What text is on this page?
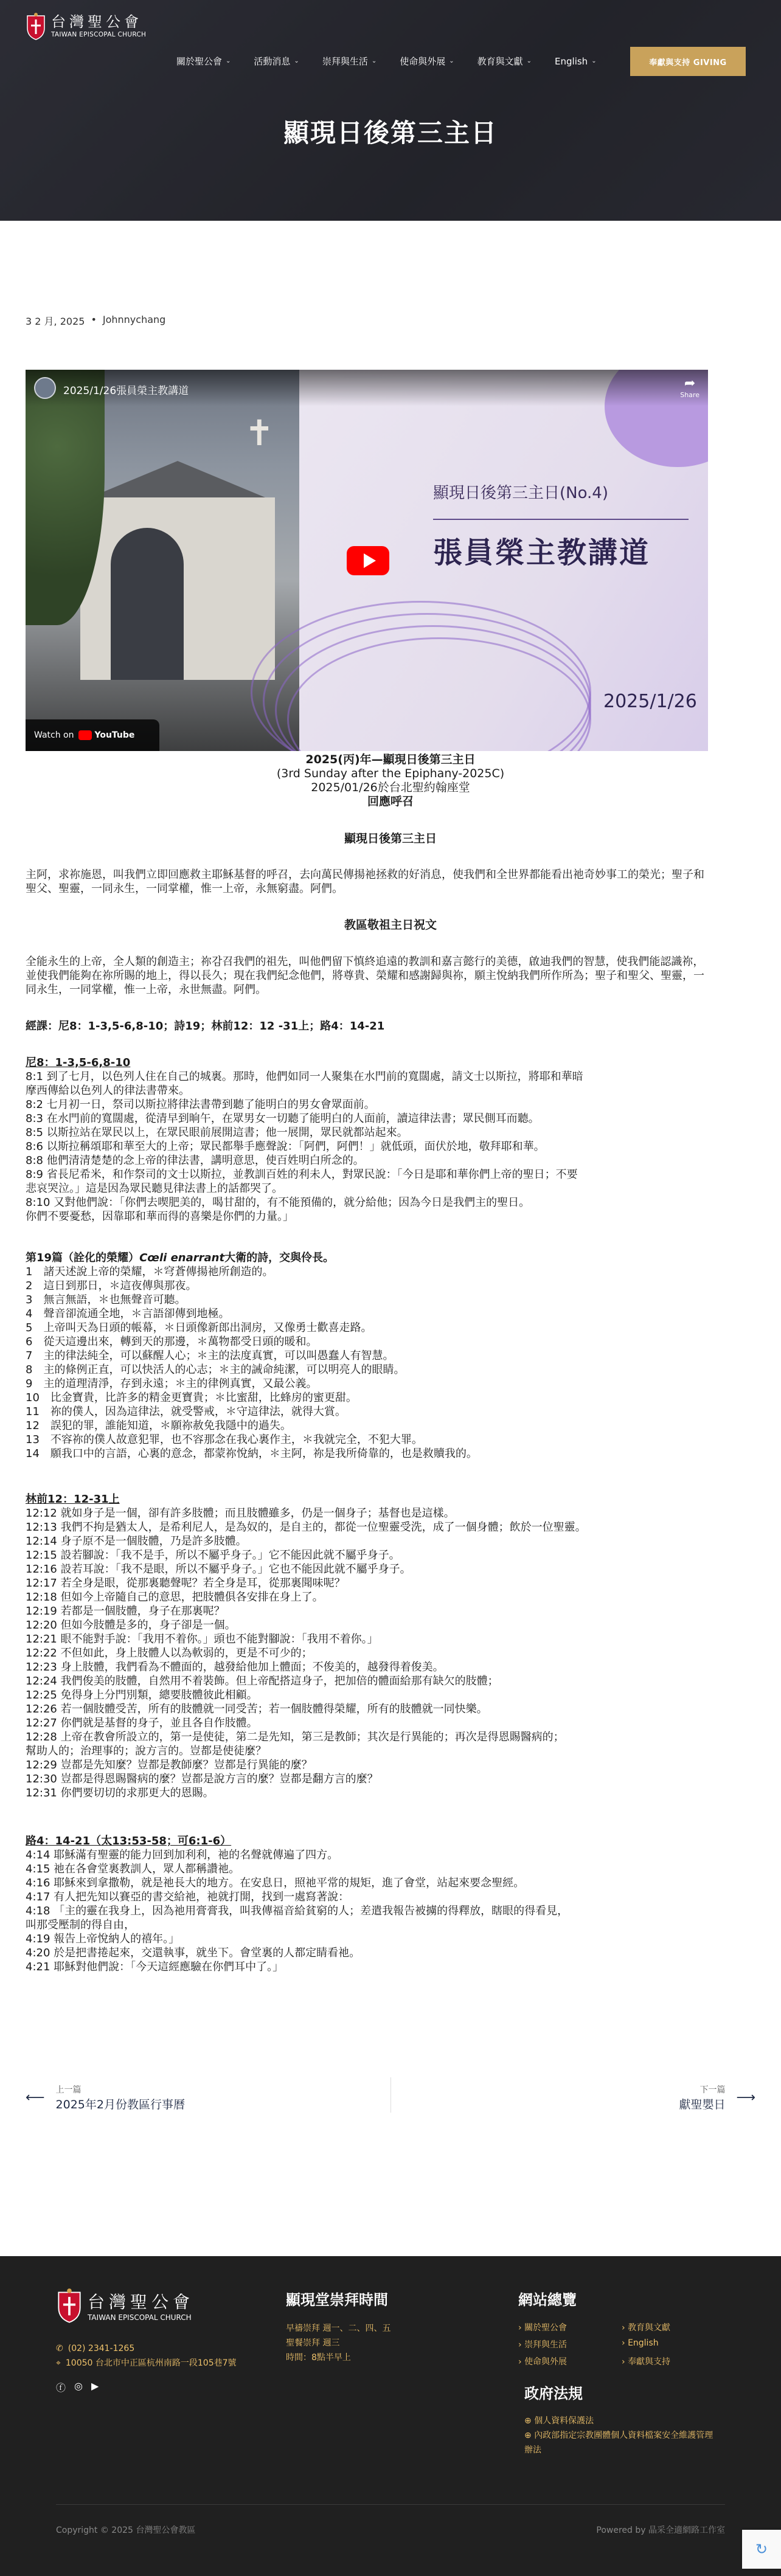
台灣聖公會
TAIWAN EPISCOPAL CHURCH
關於聖公會 ⌄	活動消息 ⌄	崇拜與生活 ⌄	使命與外展 ⌄	教育與文獻 ⌄	English ⌄	奉獻與支持 GIVING
顯現日後第三主日
3 2 月, 2025 • Johnnychang
✝
顯現日後第三主日(No.4)
張員榮主教講道
2025/1/26
2025/1/26張員榮主教講道	➦
Share
Watch on YouTube
2025(丙)年—顯現日後第三主日
(3rd Sunday after the Epiphany-2025C)
2025/01/26於台北聖約翰座堂
回應呼召
顯現日後第三主日
主阿，求祢施恩，叫我們立即回應救主耶穌基督的呼召，去向萬民傳揚祂拯救的好消息，使我們和全世界都能看出祂奇妙事工的榮光；聖子和聖父、聖靈，一同永生，一同掌權，惟一上帝，永無窮盡。阿們。
教區敬祖主日祝文
全能永生的上帝，全人類的創造主；祢감召我們的祖先，叫他們留下慎終追遠的教訓和嘉言懿行的美德，啟迪我們的智慧，使我們能認識祢，並使我們能夠在祢所賜的地上，得以長久；現在我們紀念他們，將尊貴、榮耀和感謝歸與祢，願主悅納我們所作所為；聖子和聖父、聖靈，一同永生，一同掌權，惟一上帝，永世無盡。阿們。
經課：尼8：1-3,5-6,8-10；詩19；林前12：12 -31上；路4：14-21
尼8：1-3,5-6,8-10
8:1 到了七月，以色列人住在自己的城裏。那時，他們如同一人聚集在水門前的寬闊處，請文士以斯拉，將耶和華暗
摩西傳給以色列人的律法書帶來。
8:2 七月初一日，祭司以斯拉將律法書帶到聽了能明白的男女會眾面前。
8:3 在水門前的寬闊處，從清早到晌午，在眾男女一切聽了能明白的人面前，讀這律法書；眾民側耳而聽。
8:5 以斯拉站在眾民以上，在眾民眼前展開這書；他一展開，眾民就都站起來。
8:6 以斯拉稱頌耶和華至大的上帝；眾民都舉手應聲說：「阿們，阿們！」就低頭，面伏於地，敬拜耶和華。
8:8 他們清清楚楚的念上帝的律法書，講明意思，使百姓明白所念的。
8:9 省長尼希米，和作祭司的文士以斯拉，並教訓百姓的利未人，對眾民說：「今日是耶和華你們上帝的聖日；不要
悲哀哭泣。」這是因為眾民聽見律法書上的話都哭了。
8:10 又對他們說：「你們去喫肥美的，喝甘甜的，有不能預備的，就分給他；因為今日是我們主的聖日。
你們不要憂愁，因靠耶和華而得的喜樂是你們的力量。」
第19篇（詮化的榮耀）Cœli enarrant大衛的詩，交與伶長。
1　諸天述說上帝的榮耀，＊穹蒼傳揚祂所創造的。
2　這日到那日，＊這夜傳與那夜。
3　無言無語，＊也無聲音可聽。
4　聲音卻流通全地，＊言語卻傳到地極。
5　上帝叫天為日頭的帳幕，＊日頭像新郎出洞房，又像勇士歡喜走路。
6　從天這邊出來，轉到天的那邊，＊萬物都受日頭的暖和。
7　主的律法純全，可以蘇醒人心；＊主的法度真實，可以叫愚蠢人有智慧。
8　主的條例正直，可以快活人的心志；＊主的誡命純潔，可以明亮人的眼睛。
9　主的道理清淨，存到永遠；＊主的律例真實，又最公義。
10　比金寶貴，比許多的精金更寶貴；＊比蜜甜，比蜂房的蜜更甜。
11　祢的僕人，因為這律法，就受警戒，＊守這律法，就得大賞。
12　誤犯的罪，誰能知道，＊願祢赦免我隱中的過失。
13　不容祢的僕人故意犯罪，也不容那念在我心裏作主，＊我就完全，不犯大罪。
14　願我口中的言語，心裏的意念，都蒙祢悅納，＊主阿，祢是我所倚靠的，也是救贖我的。
林前12：12-31上
12:12 就如身子是一個，卻有許多肢體；而且肢體雖多，仍是一個身子；基督也是這樣。
12:13 我們不拘是猶太人，是希利尼人，是為奴的，是自主的，都從一位聖靈受洗，成了一個身體；飲於一位聖靈。
12:14 身子原不是一個肢體，乃是許多肢體。
12:15 設若腳說：「我不是手，所以不屬乎身子。」它不能因此就不屬乎身子。
12:16 設若耳說：「我不是眼，所以不屬乎身子。」它也不能因此就不屬乎身子。
12:17 若全身是眼，從那裏聽聲呢？若全身是耳，從那裏聞味呢？
12:18 但如今上帝隨自己的意思，把肢體俱各安排在身上了。
12:19 若都是一個肢體，身子在那裏呢？
12:20 但如今肢體是多的，身子卻是一個。
12:21 眼不能對手說：「我用不着你。」頭也不能對腳說：「我用不着你。」
12:22 不但如此，身上肢體人以為軟弱的，更是不可少的；
12:23 身上肢體，我們看為不體面的，越發給他加上體面；不俊美的，越發得着俊美。
12:24 我們俊美的肢體，自然用不着裝飾。但上帝配搭這身子，把加倍的體面給那有缺欠的肢體；
12:25 免得身上分門別類，總要肢體彼此相顧。
12:26 若一個肢體受苦，所有的肢體就一同受苦；若一個肢體得榮耀，所有的肢體就一同快樂。
12:27 你們就是基督的身子，並且各自作肢體。
12:28 上帝在教會所設立的，第一是使徒，第二是先知，第三是教師；其次是行異能的；再次是得恩賜醫病的；
幫助人的；治理事的；說方言的。豈都是使徒麼？
12:29 豈都是先知麼？豈都是教師麼？豈都是行異能的麼？
12:30 豈都是得恩賜醫病的麼？豈都是說方言的麼？豈都是翻方言的麼？
12:31 你們要切切的求那更大的恩賜。
路4：14-21（太13:53-58；可6:1-6）
4:14 耶穌滿有聖靈的能力回到加利利，祂的名聲就傳遍了四方。
4:15 祂在各會堂裏教訓人，眾人都稱讚祂。
4:16 耶穌來到拿撒勒，就是祂長大的地方。在安息日，照祂平常的規矩，進了會堂，站起來要念聖經。
4:17 有人把先知以賽亞的書交給祂，祂就打開，找到一處寫著說：
4:18 「主的靈在我身上，因為祂用膏膏我，叫我傳福音給貧窮的人；差遣我報告被擄的得釋放，瞎眼的得看見，
叫那受壓制的得自由，
4:19 報告上帝悅納人的禧年。」
4:20 於是把書捲起來，交還執事，就坐下。會堂裏的人都定睛看祂。
4:21 耶穌對他們說：「今天這經應驗在你們耳中了。」
⟵ 上一篇
2025年2月份教區行事曆
下一篇
獻聖嬰日 ⟶
台灣聖公會
TAIWAN EPISCOPAL CHURCH
✆ (02) 2341-1265
⌖ 10050 台北市中正區杭州南路一段105巷7號
ⓕ ◎ ▶
顯現堂崇拜時間
早禱崇拜 週一、二、四、五
聖餐崇拜 週三
時間：8點半早上
網站總覽
› 關於聖公會	› 教育與文獻
› 崇拜與生活	› English
› 使命與外展	› 奉獻與支持
政府法規
⊕ 個人資料保護法
⊕ 內政部指定宗教團體個人資料檔案安全維護管理辦法
Copyright © 2025 台灣聖公會教區	Powered by 晶采全適網路工作室
↻
